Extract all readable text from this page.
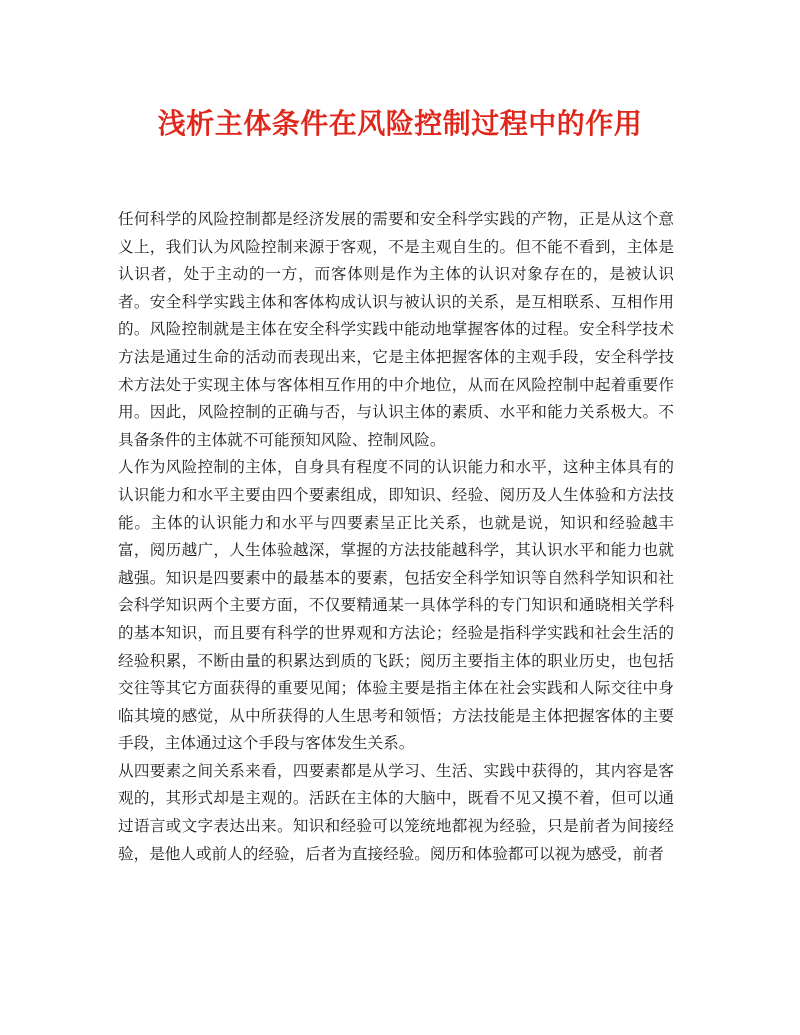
浅析主体条件在风险控制过程中的作用

任何科学的风险控制都是经济发展的需要和安全科学实践的产物，正是从这个意义上，我们认为风险控制来源于客观，不是主观自生的。但不能不看到，主体是认识者，处于主动的一方，而客体则是作为主体的认识对象存在的，是被认识者。安全科学实践主体和客体构成认识与被认识的关系，是互相联系、互相作用的。风险控制就是主体在安全科学实践中能动地掌握客体的过程。安全科学技术方法是通过生命的活动而表现出来，它是主体把握客体的主观手段，安全科学技术方法处于实现主体与客体相互作用的中介地位，从而在风险控制中起着重要作用。因此，风险控制的正确与否，与认识主体的素质、水平和能力关系极大。不具备条件的主体就不可能预知风险、控制风险。

人作为风险控制的主体，自身具有程度不同的认识能力和水平，这种主体具有的认识能力和水平主要由四个要素组成，即知识、经验、阅历及人生体验和方法技能。主体的认识能力和水平与四要素呈正比关系，也就是说，知识和经验越丰富，阅历越广，人生体验越深，掌握的方法技能越科学，其认识水平和能力也就越强。知识是四要素中的最基本的要素，包括安全科学知识等自然科学知识和社会科学知识两个主要方面，不仅要精通某一具体学科的专门知识和通晓相关学科的基本知识，而且要有科学的世界观和方法论；经验是指科学实践和社会生活的经验积累，不断由量的积累达到质的飞跃；阅历主要指主体的职业历史，也包括交往等其它方面获得的重要见闻；体验主要是指主体在社会实践和人际交往中身临其境的感觉，从中所获得的人生思考和领悟；方法技能是主体把握客体的主要手段，主体通过这个手段与客体发生关系。

从四要素之间关系来看，四要素都是从学习、生活、实践中获得的，其内容是客观的，其形式却是主观的。活跃在主体的大脑中，既看不见又摸不着，但可以通过语言或文字表达出来。知识和经验可以笼统地都视为经验，只是前者为间接经验，是他人或前人的经验，后者为直接经验。阅历和体验都可以视为感受，前者
